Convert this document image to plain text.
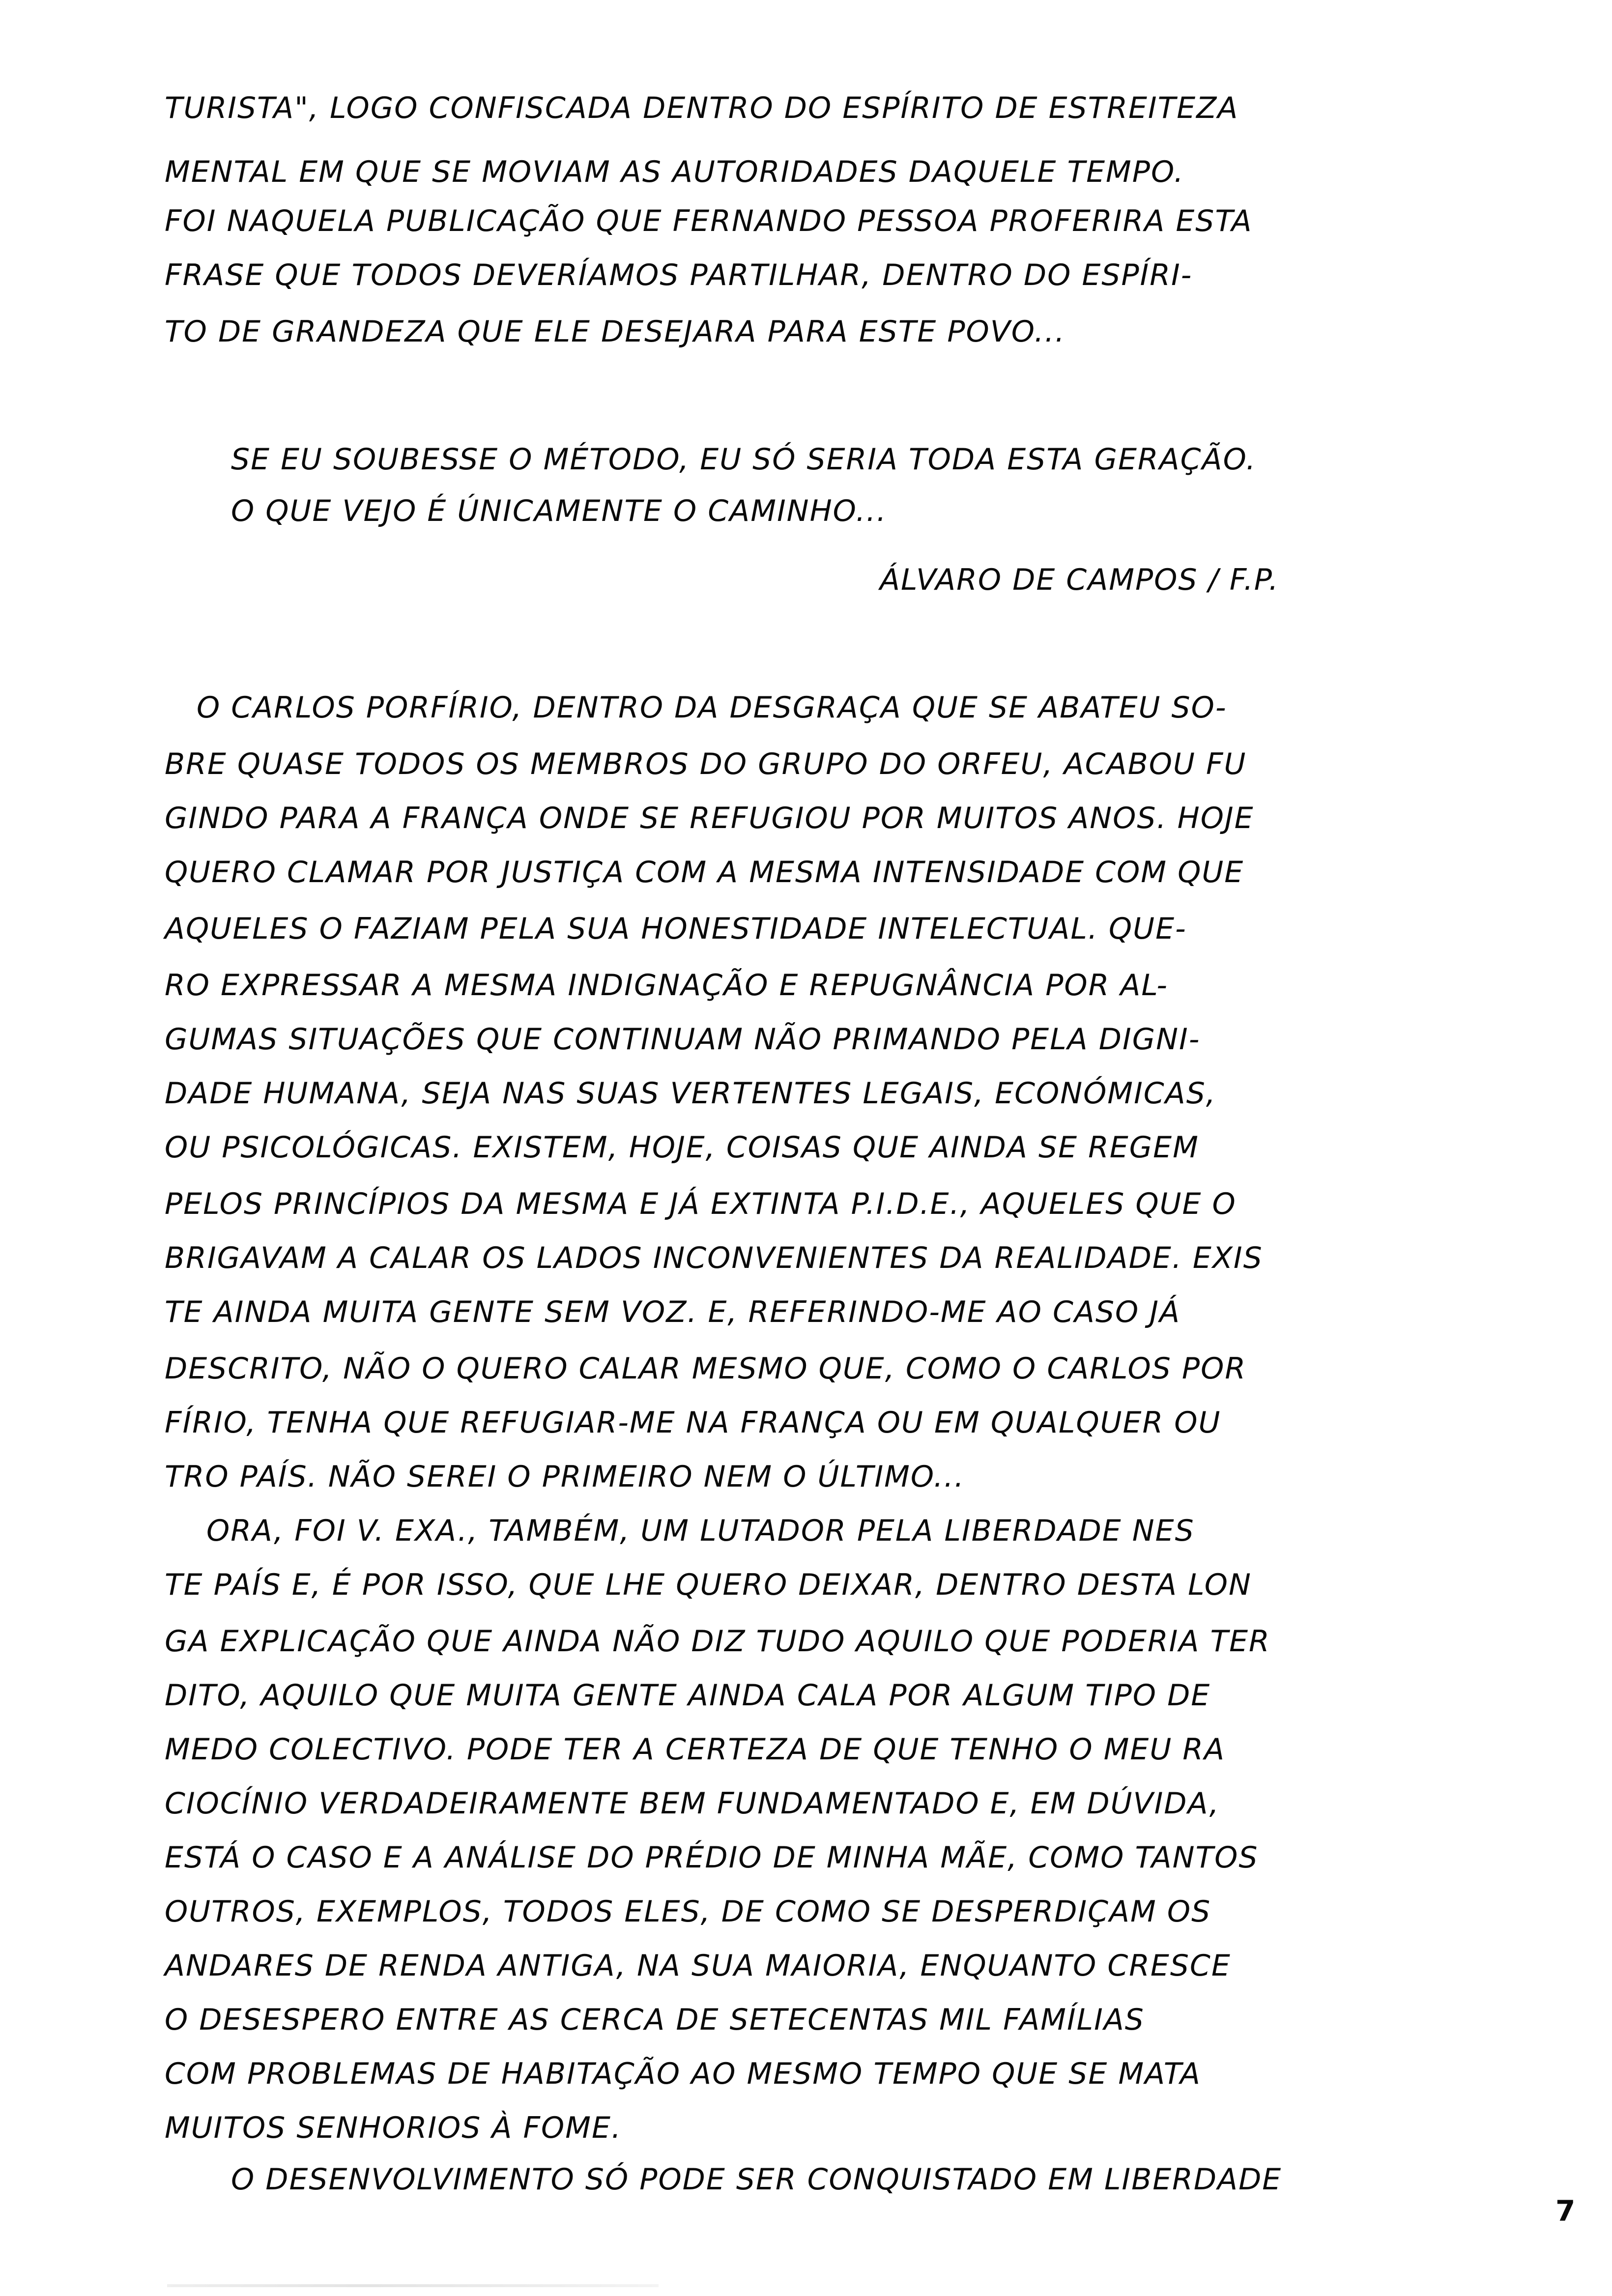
TURISTA", LOGO CONFISCADA DENTRO DO ESPÍRITO DE ESTREITEZA
MENTAL EM QUE SE MOVIAM AS AUTORIDADES DAQUELE TEMPO.
FOI NAQUELA PUBLICAÇÃO QUE FERNANDO PESSOA PROFERIRA ESTA
FRASE QUE TODOS DEVERÍAMOS PARTILHAR, DENTRO DO ESPÍRI-
TO DE GRANDEZA QUE ELE DESEJARA PARA ESTE POVO...
SE EU SOUBESSE O MÉTODO, EU SÓ SERIA TODA ESTA GERAÇÃO.
O QUE VEJO É ÚNICAMENTE O CAMINHO...
ÁLVARO DE CAMPOS / F.P.
O CARLOS PORFÍRIO, DENTRO DA DESGRAÇA QUE SE ABATEU SO-
BRE QUASE TODOS OS MEMBROS DO GRUPO DO ORFEU, ACABOU FU
GINDO PARA A FRANÇA ONDE SE REFUGIOU POR MUITOS ANOS. HOJE
QUERO CLAMAR POR JUSTIÇA COM A MESMA INTENSIDADE COM QUE
AQUELES O FAZIAM PELA SUA HONESTIDADE INTELECTUAL. QUE-
RO EXPRESSAR A MESMA INDIGNAÇÃO E REPUGNÂNCIA POR AL-
GUMAS SITUAÇÕES QUE CONTINUAM NÃO PRIMANDO PELA DIGNI-
DADE HUMANA, SEJA NAS SUAS VERTENTES LEGAIS, ECONÓMICAS,
OU PSICOLÓGICAS. EXISTEM, HOJE, COISAS QUE AINDA SE REGEM
PELOS PRINCÍPIOS DA MESMA E JÁ EXTINTA P.I.D.E., AQUELES QUE O
BRIGAVAM A CALAR OS LADOS INCONVENIENTES DA REALIDADE. EXIS
TE AINDA MUITA GENTE SEM VOZ. E, REFERINDO-ME AO CASO JÁ
DESCRITO, NÃO O QUERO CALAR MESMO QUE, COMO O CARLOS POR
FÍRIO, TENHA QUE REFUGIAR-ME NA FRANÇA OU EM QUALQUER OU
TRO PAÍS. NÃO SEREI O PRIMEIRO NEM O ÚLTIMO...
ORA, FOI V. EXA., TAMBÉM, UM LUTADOR PELA LIBERDADE NES
TE PAÍS E, É POR ISSO, QUE LHE QUERO DEIXAR, DENTRO DESTA LON
GA EXPLICAÇÃO QUE AINDA NÃO DIZ TUDO AQUILO QUE PODERIA TER
DITO, AQUILO QUE MUITA GENTE AINDA CALA POR ALGUM TIPO DE
MEDO COLECTIVO. PODE TER A CERTEZA DE QUE TENHO O MEU RA
CIOCÍNIO VERDADEIRAMENTE BEM FUNDAMENTADO E, EM DÚVIDA,
ESTÁ O CASO E A ANÁLISE DO PRÉDIO DE MINHA MÃE, COMO TANTOS
OUTROS, EXEMPLOS, TODOS ELES, DE COMO SE DESPERDIÇAM OS
ANDARES DE RENDA ANTIGA, NA SUA MAIORIA, ENQUANTO CRESCE
O DESESPERO ENTRE AS CERCA DE SETECENTAS MIL FAMÍLIAS
COM PROBLEMAS DE HABITAÇÃO AO MESMO TEMPO QUE SE MATA
MUITOS SENHORIOS À FOME.
O DESENVOLVIMENTO SÓ PODE SER CONQUISTADO EM LIBERDADE
7
